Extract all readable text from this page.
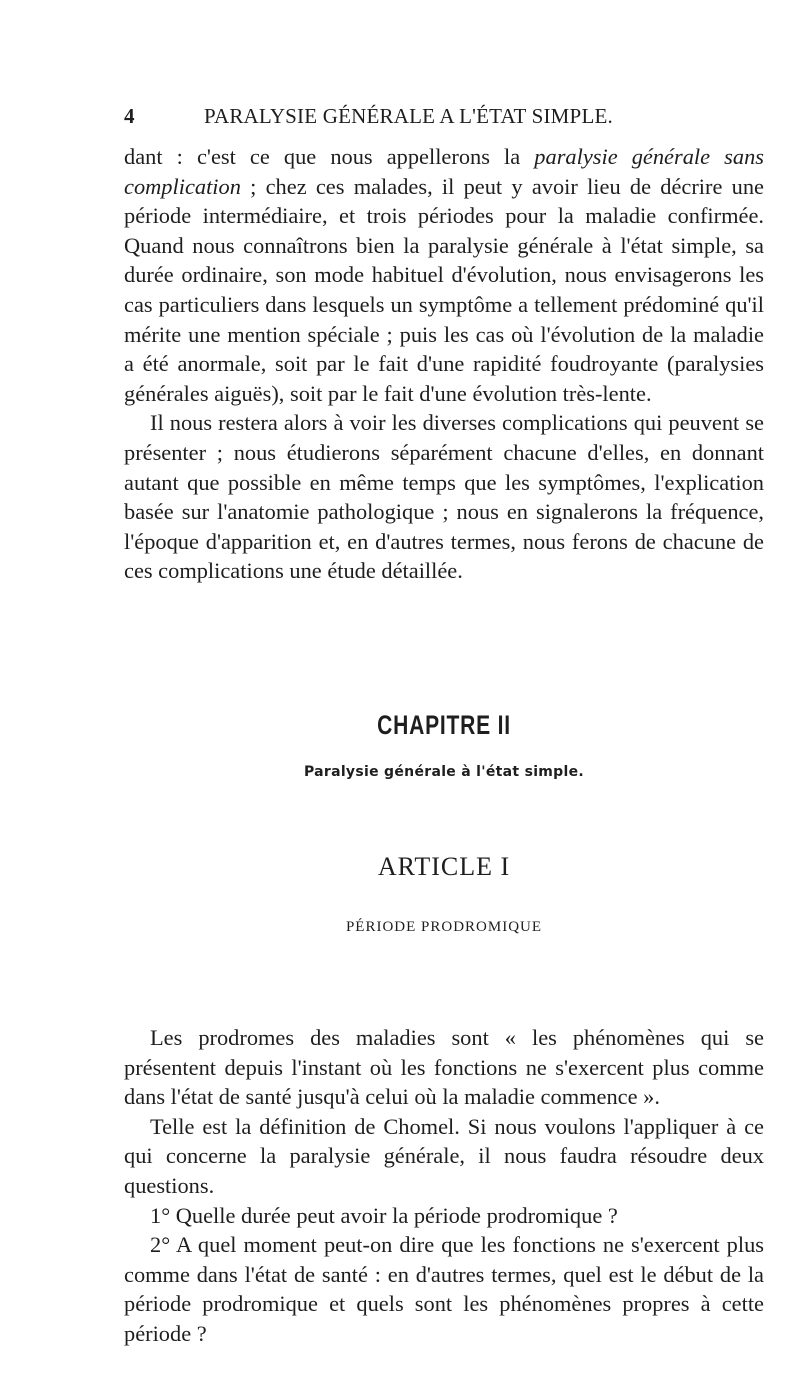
4	PARALYSIE GÉNÉRALE A L'ÉTAT SIMPLE.

dant : c'est ce que nous appellerons la paralysie générale sans complication ; chez ces malades, il peut y avoir lieu de décrire une période intermédiaire, et trois périodes pour la maladie confirmée. Quand nous connaîtrons bien la paralysie générale à l'état simple, sa durée ordinaire, son mode habituel d'évolution, nous envisagerons les cas particuliers dans lesquels un symptôme a tellement prédominé qu'il mérite une mention spéciale ; puis les cas où l'évolution de la maladie a été anormale, soit par le fait d'une rapidité foudroyante (paralysies générales aiguës), soit par le fait d'une évolution très-lente.

Il nous restera alors à voir les diverses complications qui peuvent se présenter ; nous étudierons séparément chacune d'elles, en donnant autant que possible en même temps que les symptômes, l'explication basée sur l'anatomie pathologique ; nous en signalerons la fréquence, l'époque d'apparition et, en d'autres termes, nous ferons de chacune de ces complications une étude détaillée.

CHAPITRE II
Paralysie générale à l'état simple.
ARTICLE I
PÉRIODE PRODROMIQUE

Les prodromes des maladies sont « les phénomènes qui se présentent depuis l'instant où les fonctions ne s'exercent plus comme dans l'état de santé jusqu'à celui où la maladie commence ».

Telle est la définition de Chomel. Si nous voulons l'appliquer à ce qui concerne la paralysie générale, il nous faudra résoudre deux questions.

1° Quelle durée peut avoir la période prodromique ?

2° A quel moment peut-on dire que les fonctions ne s'exercent plus comme dans l'état de santé : en d'autres termes, quel est le début de la période prodromique et quels sont les phénomènes propres à cette période ?
